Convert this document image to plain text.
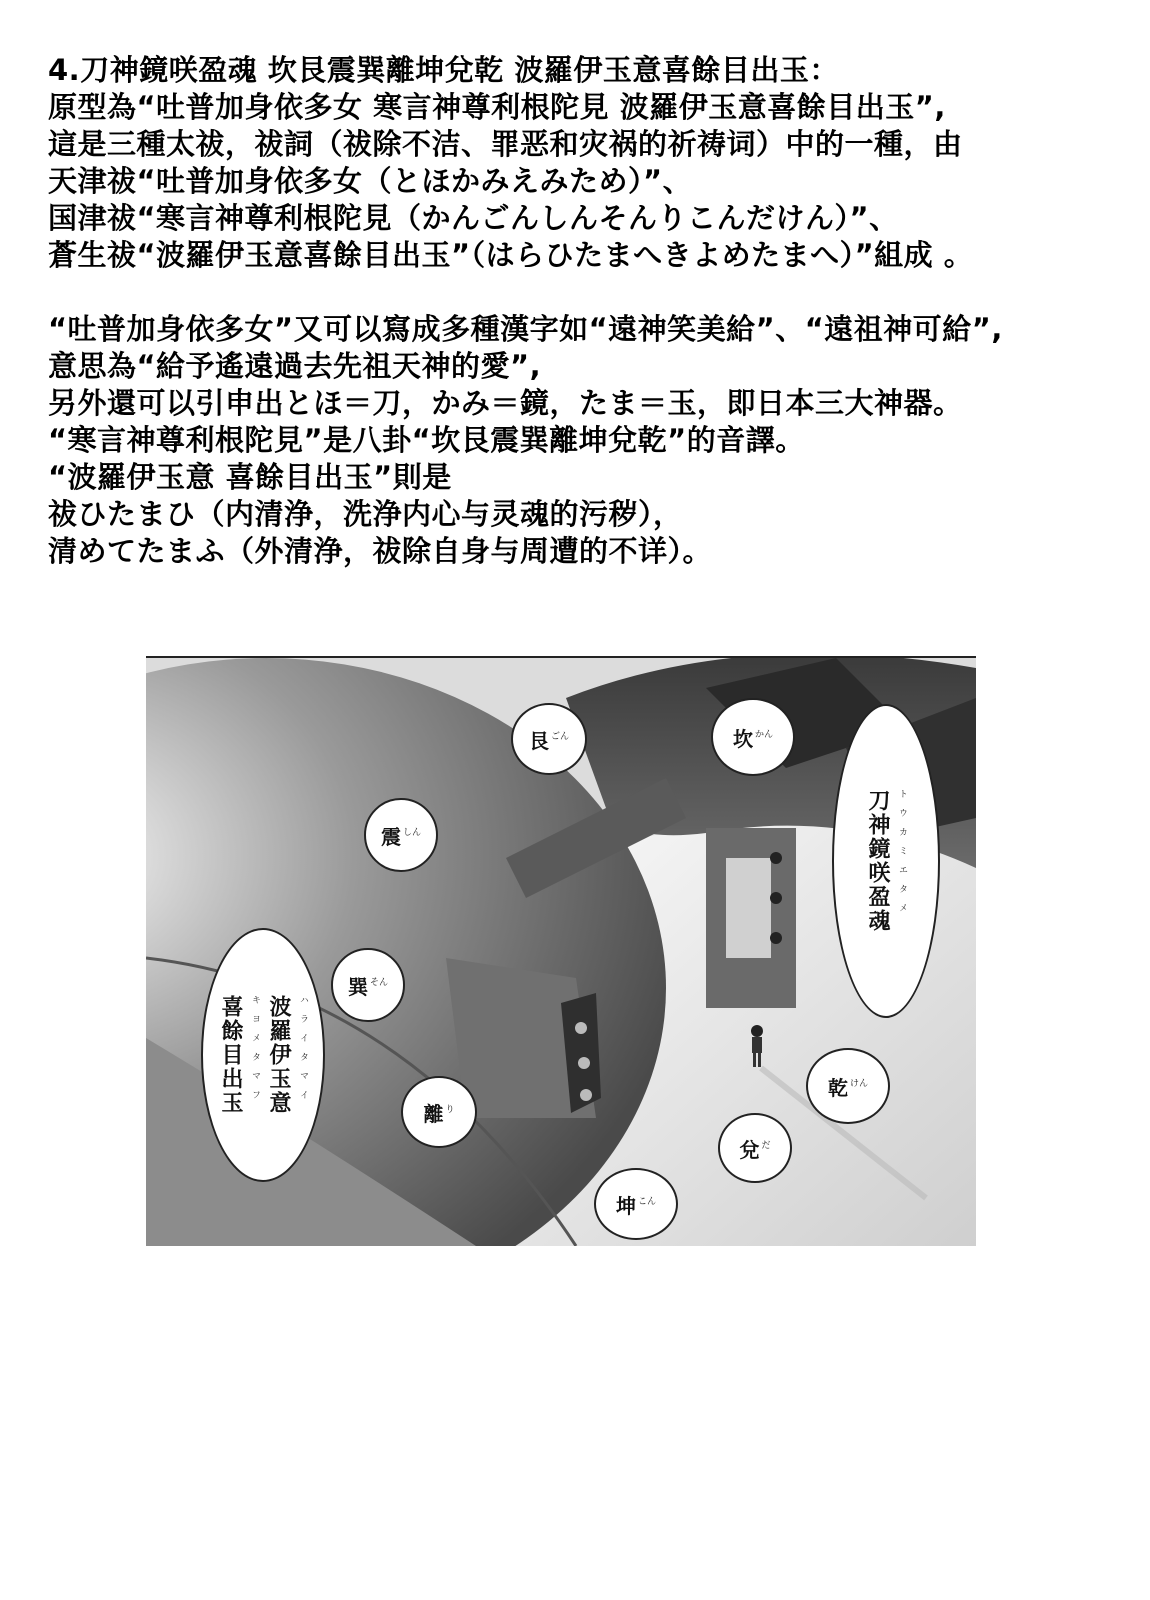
4.刀神鏡咲盈魂 坎艮震巽離坤兌乾 波羅伊玉意喜餘目出玉：
原型為“吐普加身依多女 寒言神尊利根陀見 波羅伊玉意喜餘目出玉”,
這是三種太祓，祓詞（祓除不洁、罪恶和灾祸的祈祷词）中的一種，由
天津祓“吐普加身依多女（とほかみえみため）”、
国津祓“寒言神尊利根陀見（かんごんしんそんりこんだけん）”、
蒼生祓“波羅伊玉意喜餘目出玉”（はらひたまへきよめたまへ）”組成 。
“吐普加身依多女”又可以寫成多種漢字如“遠神笑美給”、“遠祖神可給”,
意思為“給予遙遠過去先祖天神的愛”,
另外還可以引申出とほ＝刀，かみ＝鏡，たま＝玉，即日本三大神器。
“寒言神尊利根陀見”是八卦“坎艮震巽離坤兌乾”的音譯。
“波羅伊玉意 喜餘目出玉”則是
祓ひたまひ（内清浄，洗浄内心与灵魂的污秽），
清めてたまふ（外清浄，祓除自身与周遭的不详）。
艮 ごん	坎 かん
震 しん
巽 そん
乾 けん
離 り
兌 だ
坤 こん
トウカミエタメ
刀神鏡咲盈魂
ハライタマイ
波羅伊玉意
キヨメタマフ
喜餘目出玉
